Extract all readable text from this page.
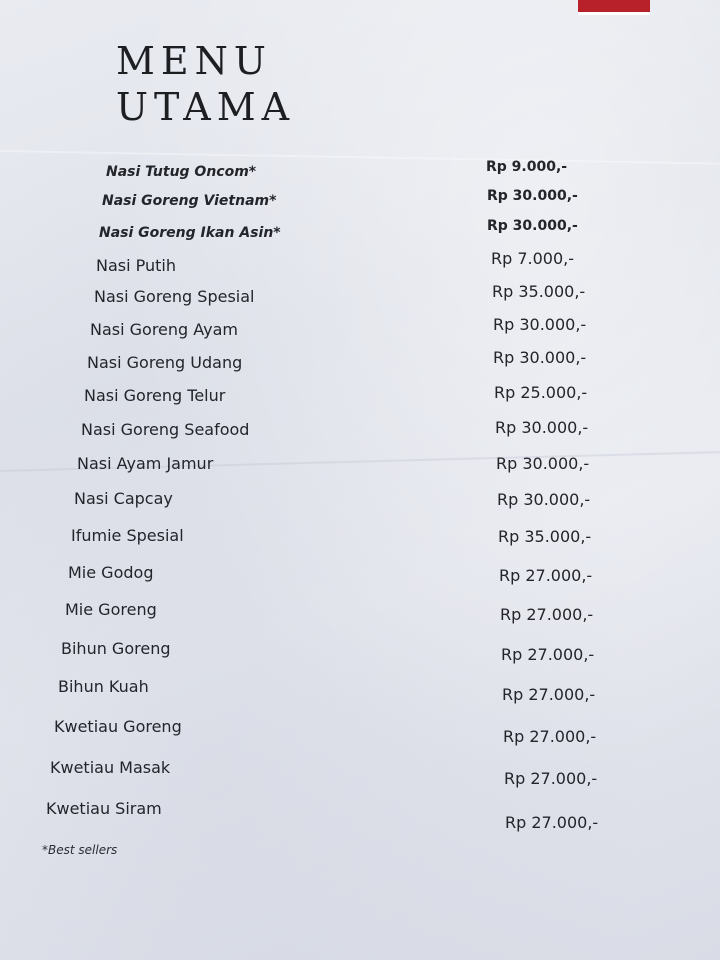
MENU
UTAMA
Nasi Tutug Oncom*
Nasi Goreng Vietnam*
Nasi Goreng Ikan Asin*
Nasi Putih
Nasi Goreng Spesial
Nasi Goreng Ayam
Nasi Goreng Udang
Nasi Goreng Telur
Nasi Goreng Seafood
Nasi Ayam Jamur
Nasi Capcay
Ifumie Spesial
Mie Godog
Mie Goreng
Bihun Goreng
Bihun Kuah
Kwetiau Goreng
Kwetiau Masak
Kwetiau Siram
Rp 9.000,-
Rp 30.000,-
Rp 30.000,-
Rp 7.000,-
Rp 35.000,-
Rp 30.000,-
Rp 30.000,-
Rp 25.000,-
Rp 30.000,-
Rp 30.000,-
Rp 30.000,-
Rp 35.000,-
Rp 27.000,-
Rp 27.000,-
Rp 27.000,-
Rp 27.000,-
Rp 27.000,-
Rp 27.000,-
Rp 27.000,-
*Best sellers
